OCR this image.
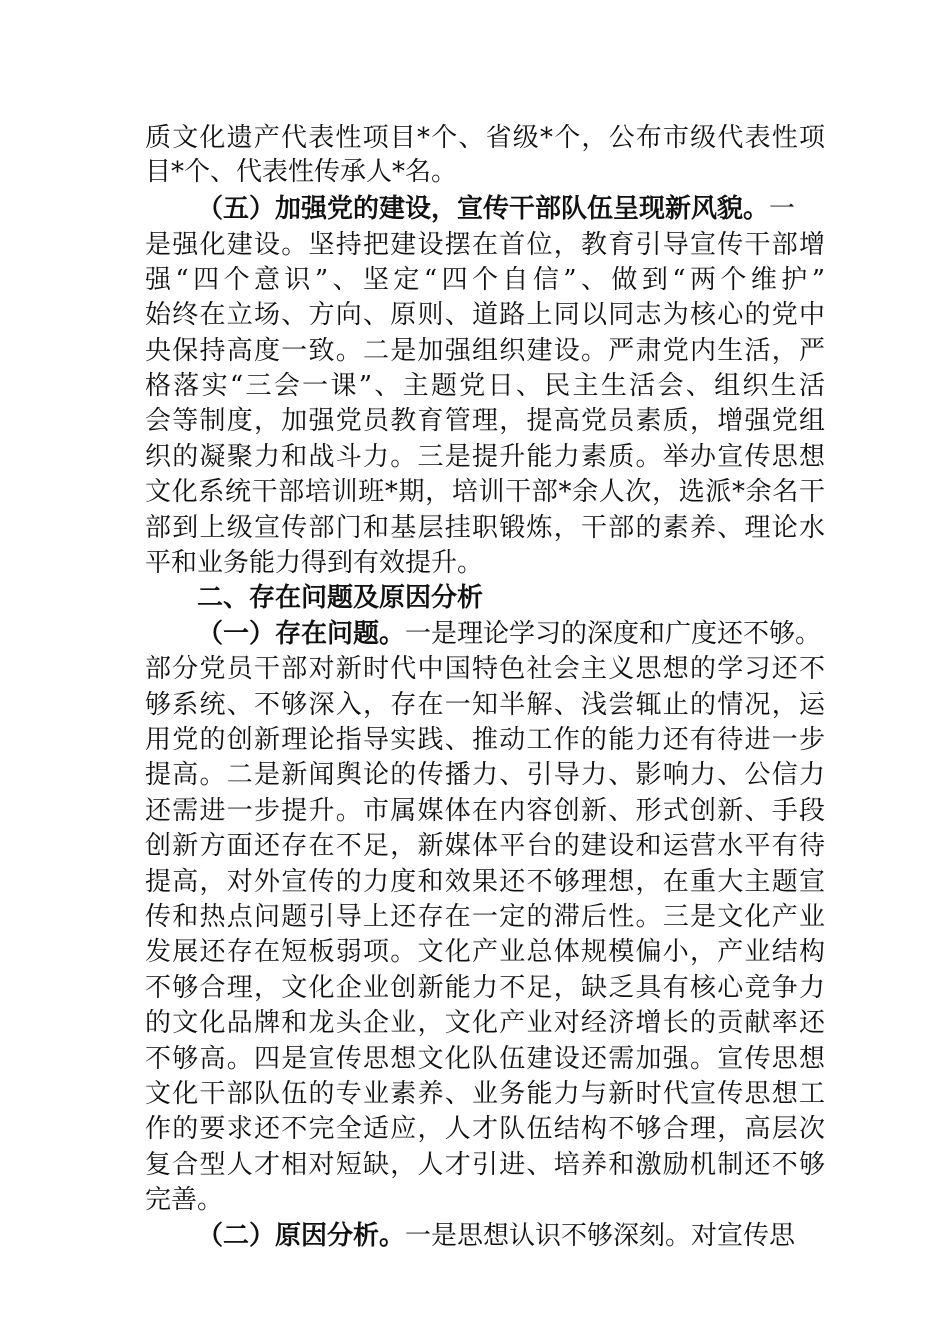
质文化遗产代表性项目*个、省级*个，公布市级代表性项
目*个、代表性传承人*名。
（五）加强党的建设，宣传干部队伍呈现新风貌。一
是强化建设。坚持把建设摆在首位，教育引导宣传干部增
强“四个意识”、坚定“四个自信”、做到“两个维护”
始终在立场、方向、原则、道路上同以同志为核心的党中
央保持高度一致。二是加强组织建设。严肃党内生活，严
格落实“三会一课”、主题党日、民主生活会、组织生活
会等制度，加强党员教育管理，提高党员素质，增强党组
织的凝聚力和战斗力。三是提升能力素质。举办宣传思想
文化系统干部培训班*期，培训干部*余人次，选派*余名干
部到上级宣传部门和基层挂职锻炼，干部的素养、理论水
平和业务能力得到有效提升。
二、存在问题及原因分析
（一）存在问题。一是理论学习的深度和广度还不够。
部分党员干部对新时代中国特色社会主义思想的学习还不
够系统、不够深入，存在一知半解、浅尝辄止的情况，运
用党的创新理论指导实践、推动工作的能力还有待进一步
提高。二是新闻舆论的传播力、引导力、影响力、公信力
还需进一步提升。市属媒体在内容创新、形式创新、手段
创新方面还存在不足，新媒体平台的建设和运营水平有待
提高，对外宣传的力度和效果还不够理想，在重大主题宣
传和热点问题引导上还存在一定的滞后性。三是文化产业
发展还存在短板弱项。文化产业总体规模偏小，产业结构
不够合理，文化企业创新能力不足，缺乏具有核心竞争力
的文化品牌和龙头企业，文化产业对经济增长的贡献率还
不够高。四是宣传思想文化队伍建设还需加强。宣传思想
文化干部队伍的专业素养、业务能力与新时代宣传思想工
作的要求还不完全适应，人才队伍结构不够合理，高层次
复合型人才相对短缺，人才引进、培养和激励机制还不够
完善。
（二）原因分析。一是思想认识不够深刻。对宣传思
